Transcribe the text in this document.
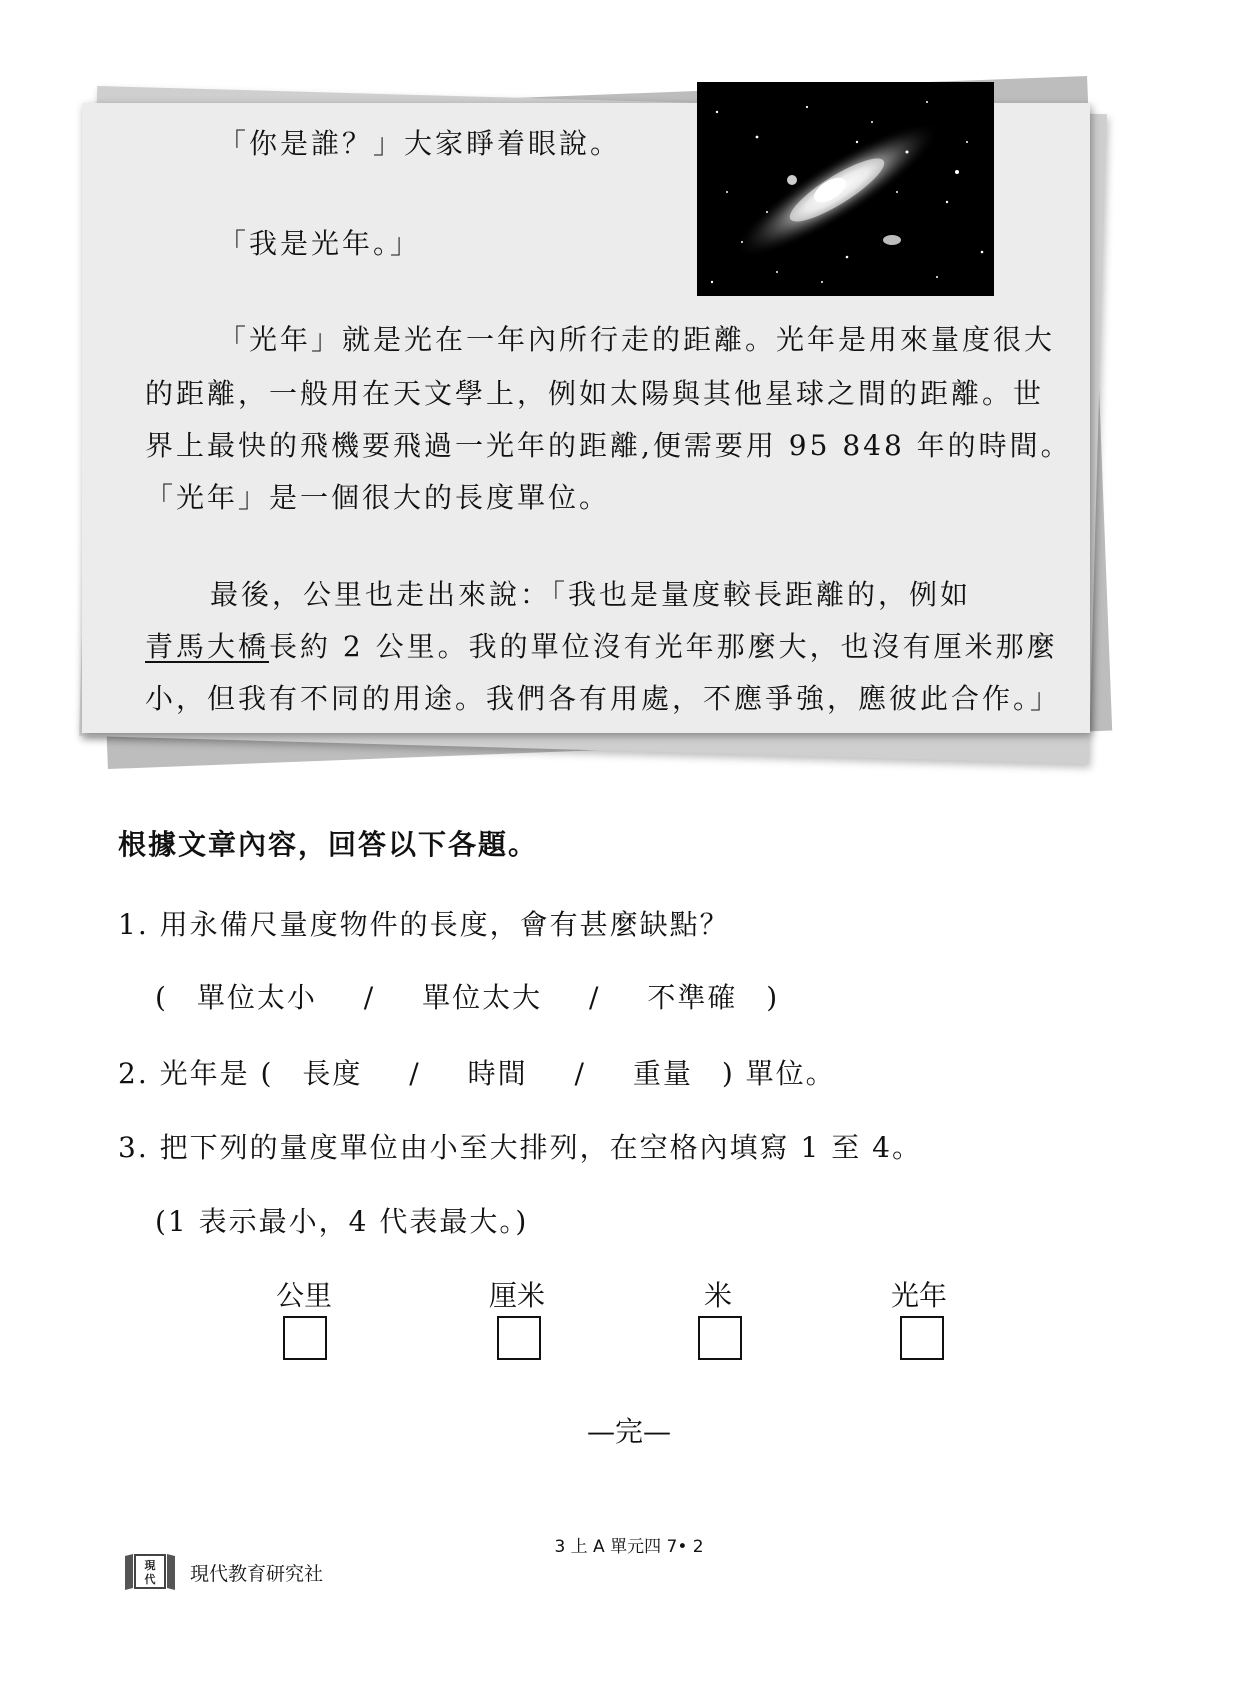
「你是誰？」大家睜着眼說。

「我是光年。」

「光年」就是光在一年內所行走的距離。光年是用來量度很大

的距離，一般用在天文學上，例如太陽與其他星球之間的距離。世

界上最快的飛機要飛過一光年的距離,便需要用 95 848 年的時間。

「光年」是一個很大的長度單位。

最後，公里也走出來說：「我也是量度較長距離的，例如

青馬大橋長約 2 公里。我的單位沒有光年那麼大，也沒有厘米那麼

小，但我有不同的用途。我們各有用處，不應爭強，應彼此合作。」

根據文章內容，回答以下各題。
1. 用永備尺量度物件的長度，會有甚麼缺點？
( 單位太小 / 單位太大 / 不準確 )
2. 光年是 ( 長度 / 時間 / 重量 ) 單位。
3. 把下列的量度單位由小至大排列，在空格內填寫 1 至 4。
(1 表示最小，4 代表最大。)
公里	厘米	米	光年
—完—
3 上 A 單元四 7• 2
現
代 現代教育研究社
